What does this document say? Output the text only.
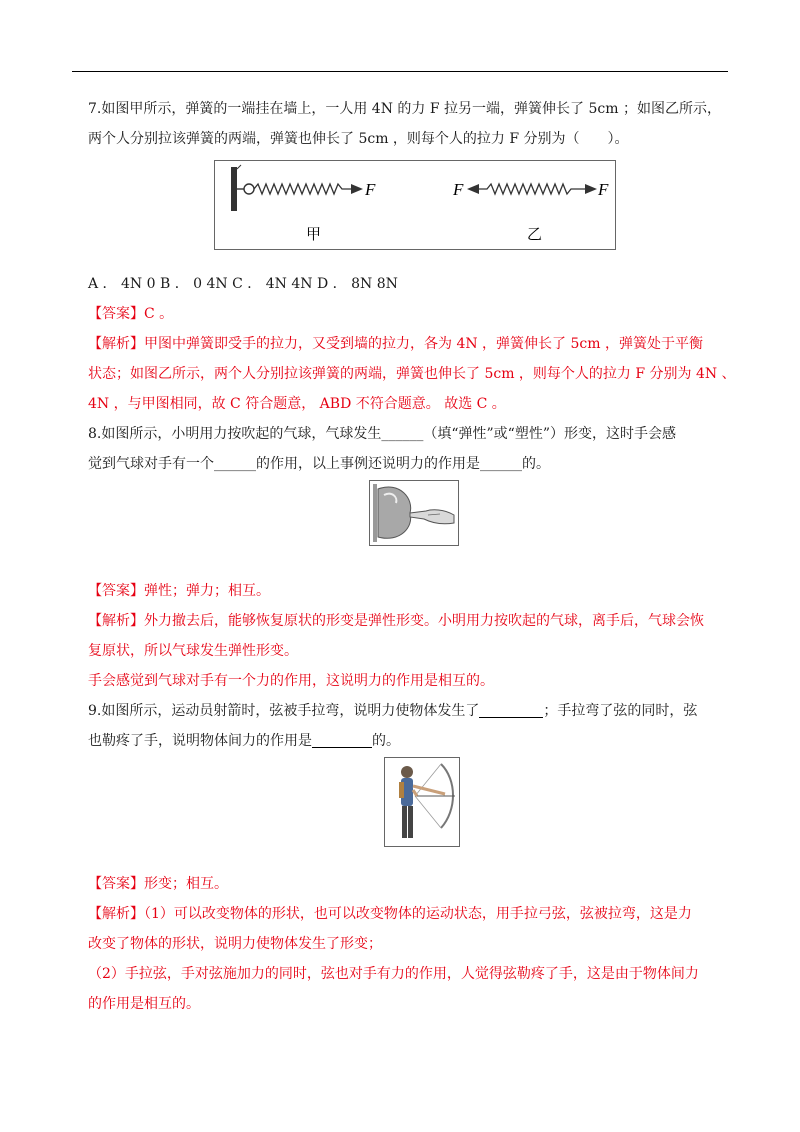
7.如图甲所示，弹簧的一端挂在墙上，一人用 4N 的力 F 拉另一端，弹簧伸长了 5cm ；如图乙所示，
两个人分别拉该弹簧的两端，弹簧也伸长了 5cm ，则每个人的拉力 F 分别为（　　）。
F
甲
F	F
乙
A ． 4N 0 B ． 0 4N C ． 4N 4N D ． 8N 8N
【答案】C 。
【解析】甲图中弹簧即受手的拉力，又受到墙的拉力，各为 4N ，弹簧伸长了 5cm ，弹簧处于平衡
状态；如图乙所示，两个人分别拉该弹簧的两端，弹簧也伸长了 5cm ，则每个人的拉力 F 分别为 4N 、
4N ，与甲图相同，故 C 符合题意， ABD 不符合题意。 故选 C 。
8.如图所示，小明用力按吹起的气球，气球发生______（填“弹性”或“塑性”）形变，这时手会感
觉到气球对手有一个______的作用，以上事例还说明力的作用是______的。
【答案】弹性；弹力；相互。
【解析】外力撤去后，能够恢复原状的形变是弹性形变。小明用力按吹起的气球，离手后，气球会恢
复原状，所以气球发生弹性形变。
手会感觉到气球对手有一个力的作用，这说明力的作用是相互的。
9.如图所示，运动员射箭时，弦被手拉弯，说明力使物体发生了	；手拉弯了弦的同时，弦
也勒疼了手，说明物体间力的作用是	的。
【答案】形变；相互。
【解析】（1）可以改变物体的形状，也可以改变物体的运动状态，用手拉弓弦，弦被拉弯，这是力
改变了物体的形状，说明力使物体发生了形变；
（2）手拉弦，手对弦施加力的同时，弦也对手有力的作用，人觉得弦勒疼了手，这是由于物体间力
的作用是相互的。
